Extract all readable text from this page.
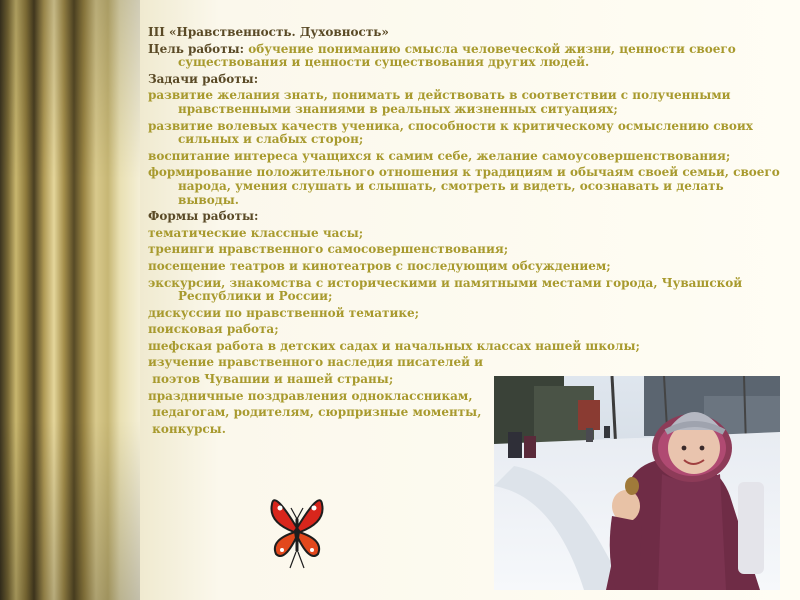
III «Нравственность. Духовность»

Цель работы: обучение пониманию смысла человеческой жизни, ценности своего существования и ценности существования других людей.

Задачи работы:

развитие желания знать, понимать и действовать в соответствии с полученными нравственными знаниями в реальных жизненных ситуациях;

развитие волевых качеств ученика, способности к критическому осмыслению своих сильных и слабых сторон;

воспитание интереса учащихся к самим себе, желание самоусовершенствования;

формирование положительного отношения к традициям и обычаям своей семьи, своего народа, умения слушать и слышать, смотреть и видеть, осознавать и делать выводы.

Формы работы:

тематические классные часы;

тренинги нравственного самосовершенствования;

посещение театров и кинотеатров с последующим обсуждением;

экскурсии, знакомства с историческими и памятными местами города, Чувашской Республики и России;

дискуссии по нравственной тематике;

поисковая работа;

шефская работа в детских садах и начальных классах нашей школы;

изучение нравственного наследия писателей и

поэтов Чувашии и нашей страны;

праздничные поздравления одноклассникам,

педагогам, родителям, сюрпризные моменты,

конкурсы.
